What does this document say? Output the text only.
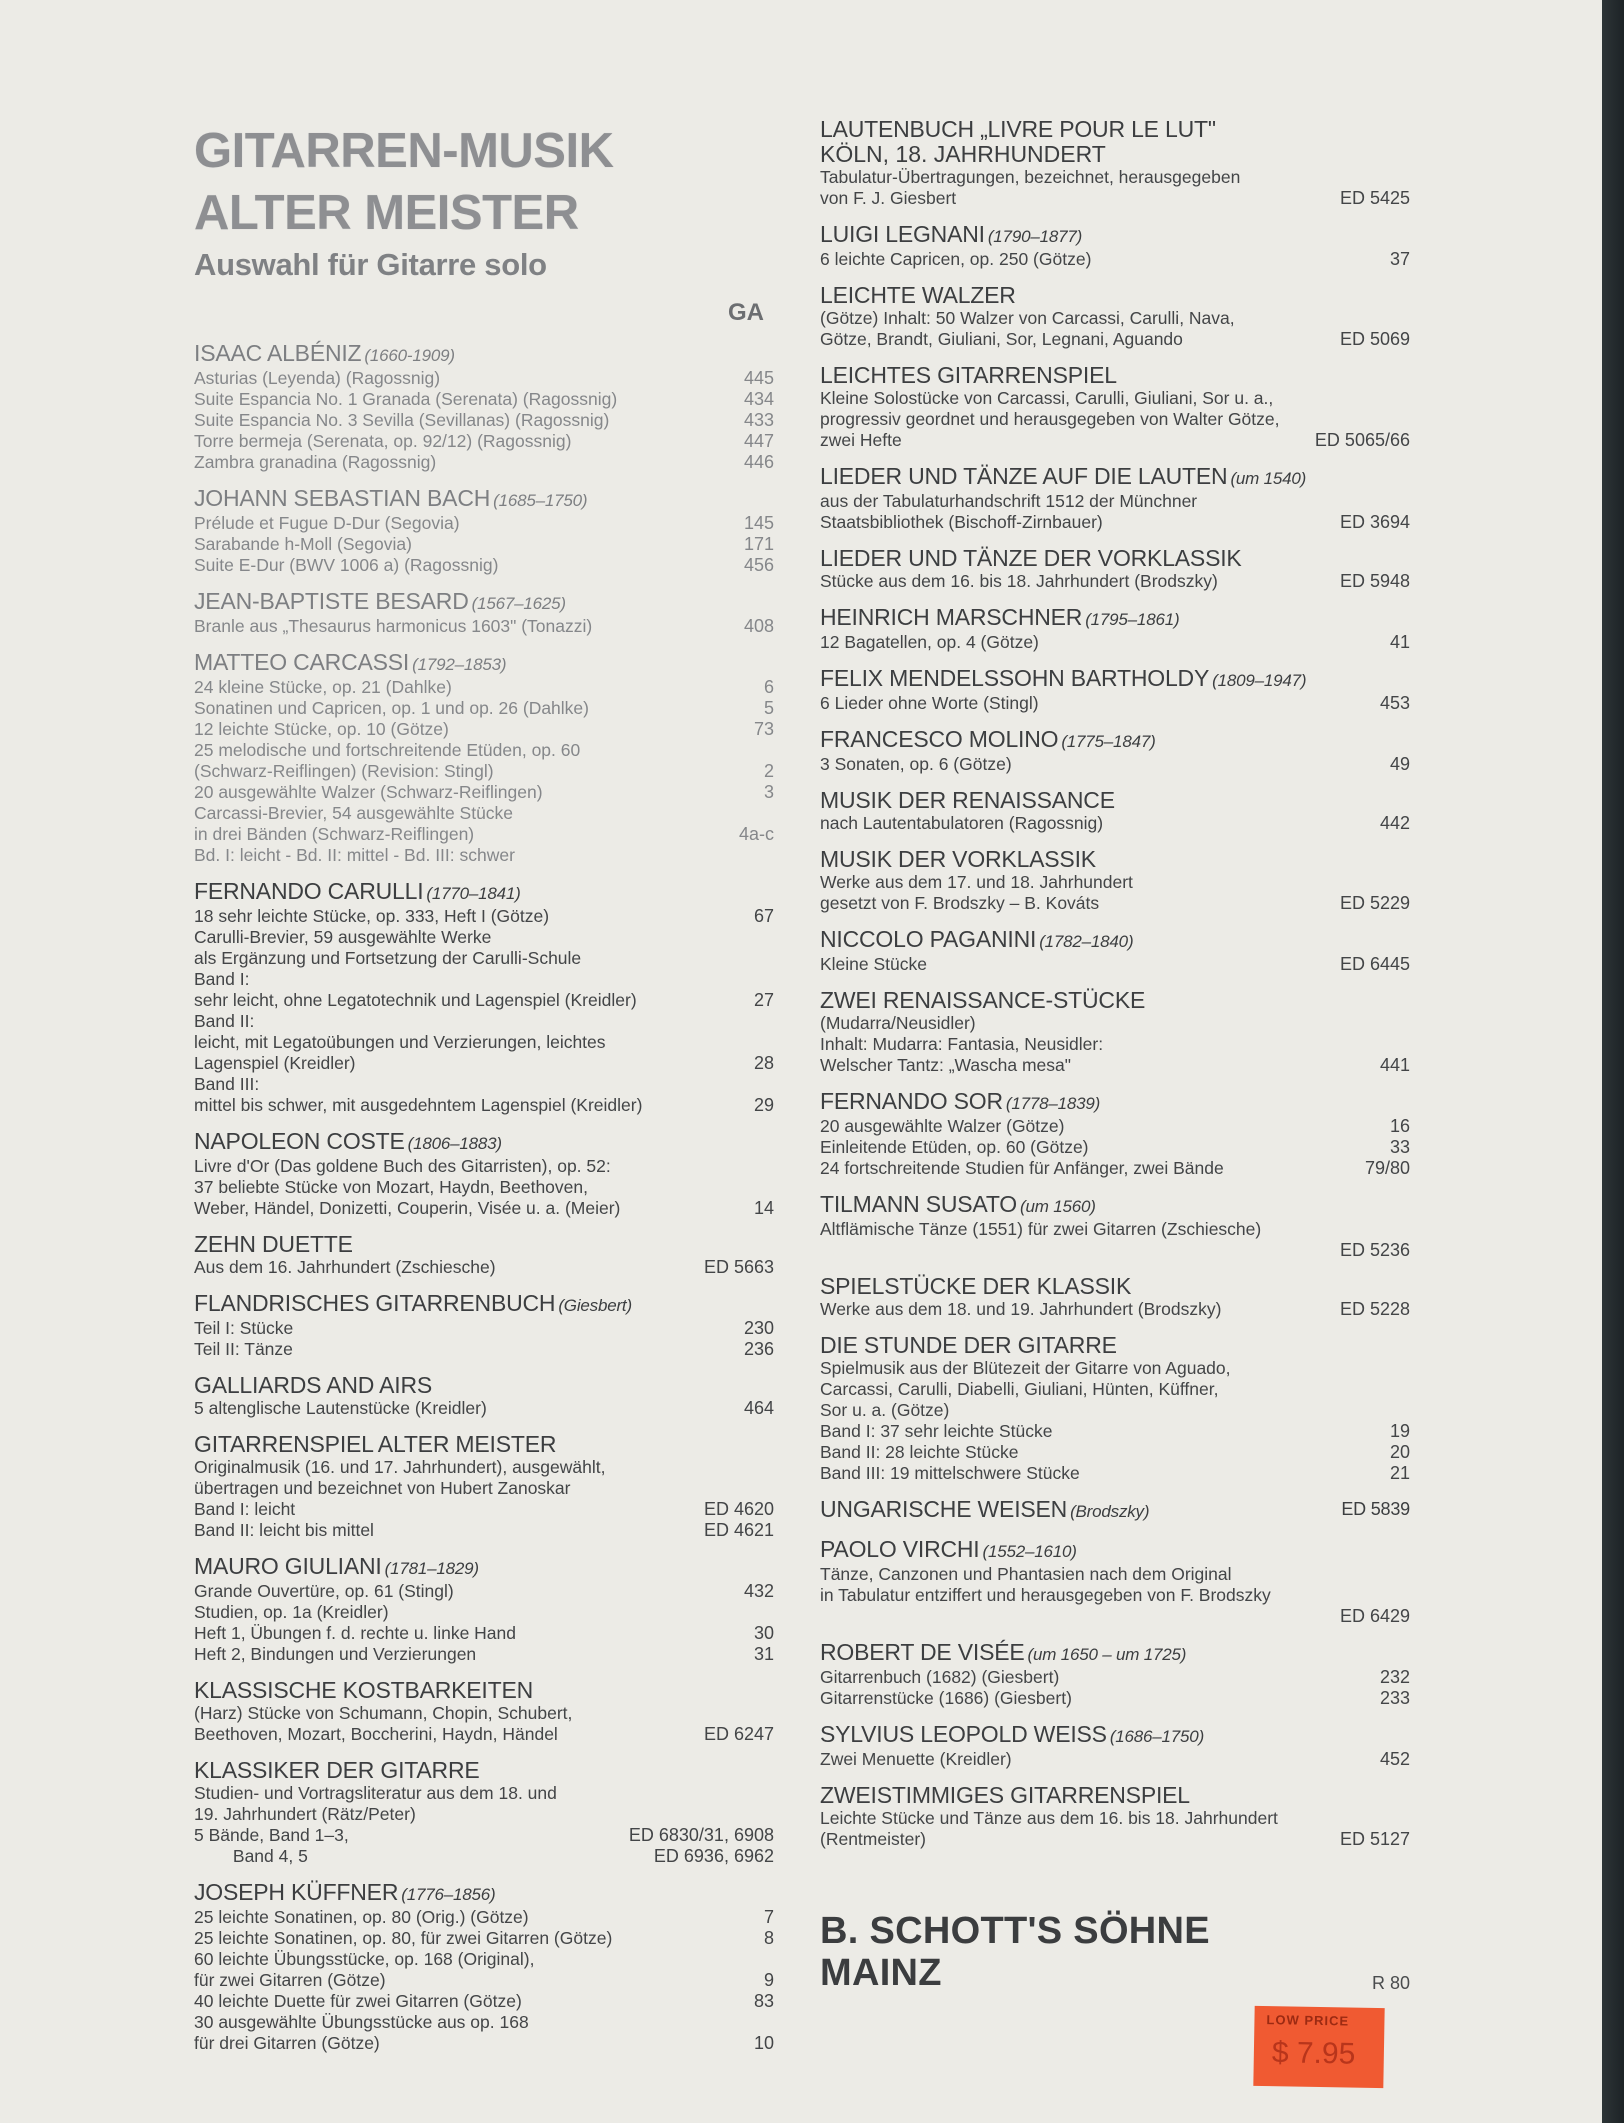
GITARREN-MUSIK
ALTER MEISTER
Auswahl für Gitarre solo
GA
ISAAC ALBÉNIZ (1660-1909)
Asturias (Leyenda) (Ragossnig)	445
Suite Espancia No. 1 Granada (Serenata) (Ragossnig)	434
Suite Espancia No. 3 Sevilla (Sevillanas) (Ragossnig)	433
Torre bermeja (Serenata, op. 92/12) (Ragossnig)	447
Zambra granadina (Ragossnig)	446
JOHANN SEBASTIAN BACH (1685–1750)
Prélude et Fugue D-Dur (Segovia)	145
Sarabande h-Moll (Segovia)	171
Suite E-Dur (BWV 1006 a) (Ragossnig)	456
JEAN-BAPTISTE BESARD (1567–1625)
Branle aus „Thesaurus harmonicus 1603" (Tonazzi)	408
MATTEO CARCASSI (1792–1853)
24 kleine Stücke, op. 21 (Dahlke)	6
Sonatinen und Capricen, op. 1 und op. 26 (Dahlke)	5
12 leichte Stücke, op. 10 (Götze)	73
25 melodische und fortschreitende Etüden, op. 60
(Schwarz-Reiflingen) (Revision: Stingl)	2
20 ausgewählte Walzer (Schwarz-Reiflingen)	3
Carcassi-Brevier, 54 ausgewählte Stücke
in drei Bänden (Schwarz-Reiflingen)	4a-c
Bd. I: leicht - Bd. II: mittel - Bd. III: schwer
FERNANDO CARULLI (1770–1841)
18 sehr leichte Stücke, op. 333, Heft I (Götze)	67
Carulli-Brevier, 59 ausgewählte Werke
als Ergänzung und Fortsetzung der Carulli-Schule
Band I:
sehr leicht, ohne Legatotechnik und Lagenspiel (Kreidler)	27
Band II:
leicht, mit Legatoübungen und Verzierungen, leichtes
Lagenspiel (Kreidler)	28
Band III:
mittel bis schwer, mit ausgedehntem Lagenspiel (Kreidler)	29
NAPOLEON COSTE (1806–1883)
Livre d'Or (Das goldene Buch des Gitarristen), op. 52:
37 beliebte Stücke von Mozart, Haydn, Beethoven,
Weber, Händel, Donizetti, Couperin, Visée u. a. (Meier)	14
ZEHN DUETTE
Aus dem 16. Jahrhundert (Zschiesche)	ED 5663
FLANDRISCHES GITARRENBUCH (Giesbert)
Teil I: Stücke	230
Teil II: Tänze	236
GALLIARDS AND AIRS
5 altenglische Lautenstücke (Kreidler)	464
GITARRENSPIEL ALTER MEISTER
Originalmusik (16. und 17. Jahrhundert), ausgewählt,
übertragen und bezeichnet von Hubert Zanoskar
Band I: leicht	ED 4620
Band II: leicht bis mittel	ED 4621
MAURO GIULIANI (1781–1829)
Grande Ouvertüre, op. 61 (Stingl)	432
Studien, op. 1a (Kreidler)
Heft 1, Übungen f. d. rechte u. linke Hand	30
Heft 2, Bindungen und Verzierungen	31
KLASSISCHE KOSTBARKEITEN
(Harz) Stücke von Schumann, Chopin, Schubert,
Beethoven, Mozart, Boccherini, Haydn, Händel	ED 6247
KLASSIKER DER GITARRE
Studien- und Vortragsliteratur aus dem 18. und
19. Jahrhundert (Rätz/Peter)
5 Bände, Band 1–3,	ED 6830/31, 6908
Band 4, 5	ED 6936, 6962
JOSEPH KÜFFNER (1776–1856)
25 leichte Sonatinen, op. 80 (Orig.) (Götze)	7
25 leichte Sonatinen, op. 80, für zwei Gitarren (Götze)	8
60 leichte Übungsstücke, op. 168 (Original),
für zwei Gitarren (Götze)	9
40 leichte Duette für zwei Gitarren (Götze)	83
30 ausgewählte Übungsstücke aus op. 168
für drei Gitarren (Götze)	10
LAUTENBUCH „LIVRE POUR LE LUT"
KÖLN, 18. JAHRHUNDERT
Tabulatur-Übertragungen, bezeichnet, herausgegeben
von F. J. Giesbert	ED 5425
LUIGI LEGNANI (1790–1877)
6 leichte Capricen, op. 250 (Götze)	37
LEICHTE WALZER
(Götze) Inhalt: 50 Walzer von Carcassi, Carulli, Nava,
Götze, Brandt, Giuliani, Sor, Legnani, Aguando	ED 5069
LEICHTES GITARRENSPIEL
Kleine Solostücke von Carcassi, Carulli, Giuliani, Sor u. a.,
progressiv geordnet und herausgegeben von Walter Götze,
zwei Hefte	ED 5065/66
LIEDER UND TÄNZE AUF DIE LAUTEN (um 1540)
aus der Tabulaturhandschrift 1512 der Münchner
Staatsbibliothek (Bischoff-Zirnbauer)	ED 3694
LIEDER UND TÄNZE DER VORKLASSIK
Stücke aus dem 16. bis 18. Jahrhundert (Brodszky)	ED 5948
HEINRICH MARSCHNER (1795–1861)
12 Bagatellen, op. 4 (Götze)	41
FELIX MENDELSSOHN BARTHOLDY (1809–1947)
6 Lieder ohne Worte (Stingl)	453
FRANCESCO MOLINO (1775–1847)
3 Sonaten, op. 6 (Götze)	49
MUSIK DER RENAISSANCE
nach Lautentabulatoren (Ragossnig)	442
MUSIK DER VORKLASSIK
Werke aus dem 17. und 18. Jahrhundert
gesetzt von F. Brodszky – B. Kováts	ED 5229
NICCOLO PAGANINI (1782–1840)
Kleine Stücke	ED 6445
ZWEI RENAISSANCE-STÜCKE
(Mudarra/Neusidler)
Inhalt: Mudarra: Fantasia, Neusidler:
Welscher Tantz: „Wascha mesa"	441
FERNANDO SOR (1778–1839)
20 ausgewählte Walzer (Götze)	16
Einleitende Etüden, op. 60 (Götze)	33
24 fortschreitende Studien für Anfänger, zwei Bände	79/80
TILMANN SUSATO (um 1560)
Altflämische Tänze (1551) für zwei Gitarren (Zschiesche)
ED 5236
SPIELSTÜCKE DER KLASSIK
Werke aus dem 18. und 19. Jahrhundert (Brodszky)	ED 5228
DIE STUNDE DER GITARRE
Spielmusik aus der Blütezeit der Gitarre von Aguado,
Carcassi, Carulli, Diabelli, Giuliani, Hünten, Küffner,
Sor u. a. (Götze)
Band I: 37 sehr leichte Stücke	19
Band II: 28 leichte Stücke	20
Band III: 19 mittelschwere Stücke	21
UNGARISCHE WEISEN (Brodszky)	ED 5839
PAOLO VIRCHI (1552–1610)
Tänze, Canzonen und Phantasien nach dem Original
in Tabulatur entziffert und herausgegeben von F. Brodszky
ED 6429
ROBERT DE VISÉE (um 1650 – um 1725)
Gitarrenbuch (1682) (Giesbert)	232
Gitarrenstücke (1686) (Giesbert)	233
SYLVIUS LEOPOLD WEISS (1686–1750)
Zwei Menuette (Kreidler)	452
ZWEISTIMMIGES GITARRENSPIEL
Leichte Stücke und Tänze aus dem 16. bis 18. Jahrhundert
(Rentmeister)	ED 5127
B. SCHOTT'S SÖHNE
MAINZ	R 80
LOW PRICE
$ 7.95
